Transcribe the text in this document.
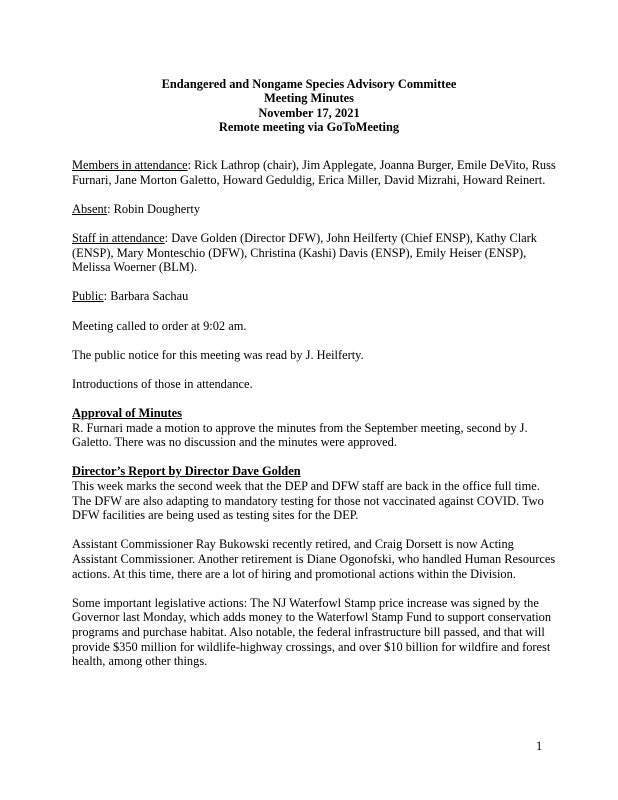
Endangered and Nongame Species Advisory Committee
Meeting Minutes
November 17, 2021
Remote meeting via GoToMeeting

Members in attendance: Rick Lathrop (chair), Jim Applegate, Joanna Burger, Emile DeVito, Russ Furnari, Jane Morton Galetto, Howard Geduldig, Erica Miller, David Mizrahi, Howard Reinert.

Absent: Robin Dougherty

Staff in attendance: Dave Golden (Director DFW), John Heilferty (Chief ENSP), Kathy Clark (ENSP), Mary Monteschio (DFW), Christina (Kashi) Davis (ENSP), Emily Heiser (ENSP), Melissa Woerner (BLM).

Public: Barbara Sachau

Meeting called to order at 9:02 am.

The public notice for this meeting was read by J. Heilferty.

Introductions of those in attendance.

Approval of Minutes
R. Furnari made a motion to approve the minutes from the September meeting, second by J. Galetto. There was no discussion and the minutes were approved.

Director’s Report by Director Dave Golden
This week marks the second week that the DEP and DFW staff are back in the office full time. The DFW are also adapting to mandatory testing for those not vaccinated against COVID. Two DFW facilities are being used as testing sites for the DEP.

Assistant Commissioner Ray Bukowski recently retired, and Craig Dorsett is now Acting Assistant Commissioner. Another retirement is Diane Ogonofski, who handled Human Resources actions. At this time, there are a lot of hiring and promotional actions within the Division.

Some important legislative actions: The NJ Waterfowl Stamp price increase was signed by the Governor last Monday, which adds money to the Waterfowl Stamp Fund to support conservation programs and purchase habitat. Also notable, the federal infrastructure bill passed, and that will provide $350 million for wildlife-highway crossings, and over $10 billion for wildfire and forest health, among other things.

1
